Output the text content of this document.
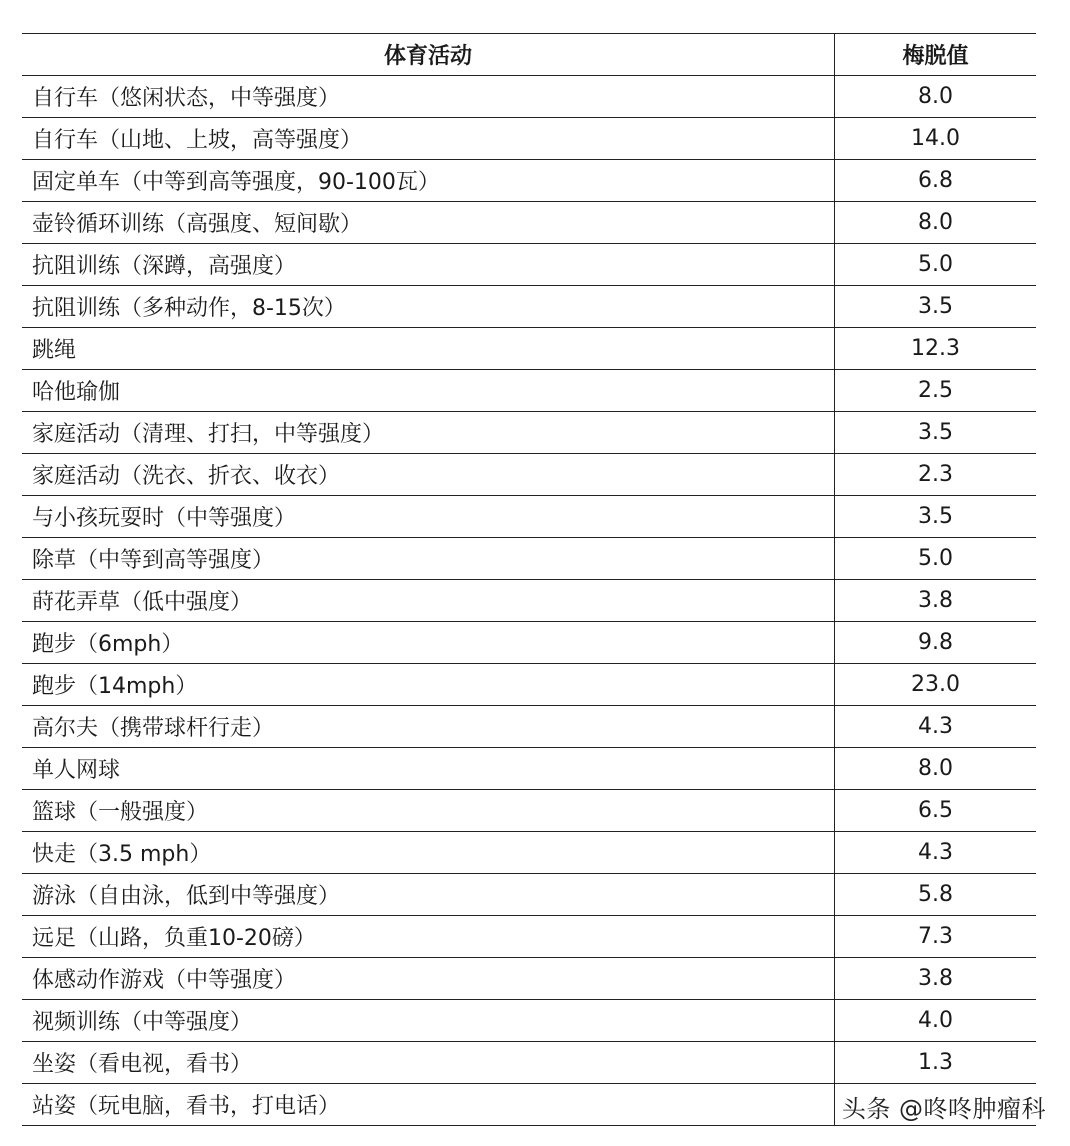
体育活动	梅脱值
自行车（悠闲状态，中等强度）	8.0
自行车（山地、上坡，高等强度）	14.0
固定单车（中等到高等强度，90-100瓦）	6.8
壶铃循环训练（高强度、短间歇）	8.0
抗阻训练（深蹲，高强度）	5.0
抗阻训练（多种动作，8-15次）	3.5
跳绳	12.3
哈他瑜伽	2.5
家庭活动（清理、打扫，中等强度）	3.5
家庭活动（洗衣、折衣、收衣）	2.3
与小孩玩耍时（中等强度）	3.5
除草（中等到高等强度）	5.0
莳花弄草（低中强度）	3.8
跑步（6mph）	9.8
跑步（14mph）	23.0
高尔夫（携带球杆行走）	4.3
单人网球	8.0
篮球（一般强度）	6.5
快走（3.5 mph）	4.3
游泳（自由泳，低到中等强度）	5.8
远足（山路，负重10-20磅）	7.3
体感动作游戏（中等强度）	3.8
视频训练（中等强度）	4.0
坐姿（看电视，看书）	1.3
站姿（玩电脑，看书，打电话）	头条 @咚咚肿瘤科
